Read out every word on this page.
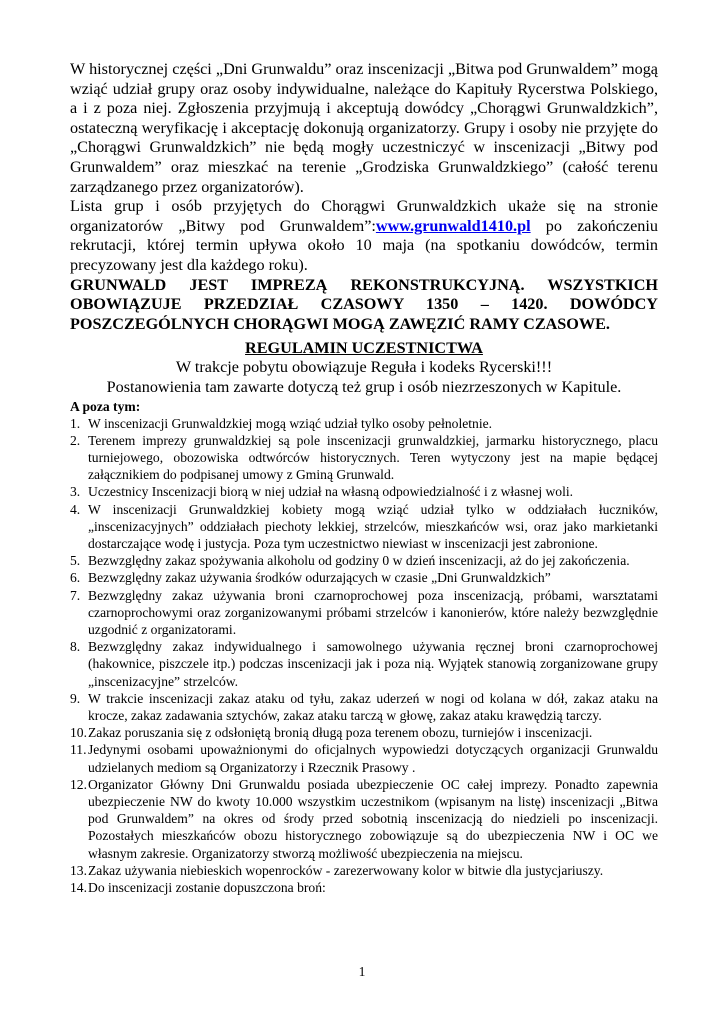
W historycznej części „Dni Grunwaldu” oraz inscenizacji „Bitwa pod Grunwaldem” mogą wziąć udział grupy oraz osoby indywidualne, należące do Kapituły Rycerstwa Polskiego, a i z poza niej. Zgłoszenia przyjmują i akceptują dowódcy „Chorągwi Grunwaldzkich”, ostateczną weryfikację i akceptację dokonują organizatorzy. Grupy i osoby nie przyjęte do „Chorągwi Grunwaldzkich” nie będą mogły uczestniczyć w inscenizacji „Bitwy pod Grunwaldem” oraz mieszkać na terenie „Grodziska Grunwaldzkiego” (całość terenu zarządzanego przez organizatorów).

Lista grup i osób przyjętych do Chorągwi Grunwaldzkich ukaże się na stronie organizatorów „Bitwy pod Grunwaldem”:www.grunwald1410.pl po zakończeniu rekrutacji, której termin upływa około 10 maja (na spotkaniu dowódców, termin precyzowany jest dla każdego roku).

GRUNWALD JEST IMPREZĄ REKONSTRUKCYJNĄ. WSZYSTKICH OBOWIĄZUJE PRZEDZIAŁ CZASOWY 1350 – 1420. DOWÓDCY POSZCZEGÓLNYCH CHORĄGWI MOGĄ ZAWĘZIĆ RAMY CZASOWE.

REGULAMIN UCZESTNICTWA

W trakcje pobytu obowiązuje Reguła i kodeks Rycerski!!!

Postanowienia tam zawarte dotyczą też grup i osób niezrzeszonych w Kapitule.

A poza tym:

1. W inscenizacji Grunwaldzkiej mogą wziąć udział tylko osoby pełnoletnie.
2. Terenem imprezy grunwaldzkiej są pole inscenizacji grunwaldzkiej, jarmarku historycznego, placu turniejowego, obozowiska odtwórców historycznych. Teren wytyczony jest na mapie będącej załącznikiem do podpisanej umowy z Gminą Grunwald.
3. Uczestnicy Inscenizacji biorą w niej udział na własną odpowiedzialność i z własnej woli.
4. W inscenizacji Grunwaldzkiej kobiety mogą wziąć udział tylko w oddziałach łuczników, „inscenizacyjnych” oddziałach piechoty lekkiej, strzelców, mieszkańców wsi, oraz jako markietanki dostarczające wodę i justycja. Poza tym uczestnictwo niewiast w inscenizacji jest zabronione.
5. Bezwzględny zakaz spożywania alkoholu od godziny 0 w dzień inscenizacji, aż do jej zakończenia.
6. Bezwzględny zakaz używania środków odurzających w czasie „Dni Grunwaldzkich”
7. Bezwzględny zakaz używania broni czarnoprochowej poza inscenizacją, próbami, warsztatami czarnoprochowymi oraz zorganizowanymi próbami strzelców i kanonierów, które należy bezwzględnie uzgodnić z organizatorami.
8. Bezwzględny zakaz indywidualnego i samowolnego używania ręcznej broni czarnoprochowej (hakownice, piszczele itp.) podczas inscenizacji jak i poza nią. Wyjątek stanowią zorganizowane grupy „inscenizacyjne” strzelców.
9. W trakcie inscenizacji zakaz ataku od tyłu, zakaz uderzeń w nogi od kolana w dół, zakaz ataku na krocze, zakaz zadawania sztychów, zakaz ataku tarczą w głowę, zakaz ataku krawędzią tarczy.
10. Zakaz poruszania się z odsłoniętą bronią długą poza terenem obozu, turniejów i inscenizacji.
11. Jedynymi osobami upoważnionymi do oficjalnych wypowiedzi dotyczących organizacji Grunwaldu udzielanych mediom są Organizatorzy i Rzecznik Prasowy .
12. Organizator Główny Dni Grunwaldu posiada ubezpieczenie OC całej imprezy. Ponadto zapewnia ubezpieczenie NW do kwoty 10.000 wszystkim uczestnikom (wpisanym na listę) inscenizacji „Bitwa pod Grunwaldem” na okres od środy przed sobotnią inscenizacją do niedzieli po inscenizacji. Pozostałych mieszkańców obozu historycznego zobowiązuje są do ubezpieczenia NW i OC we własnym zakresie. Organizatorzy stworzą możliwość ubezpieczenia na miejscu.
13. Zakaz używania niebieskich wopenrocków - zarezerwowany kolor w bitwie dla justycjariuszy.
14. Do inscenizacji zostanie dopuszczona broń:
1
